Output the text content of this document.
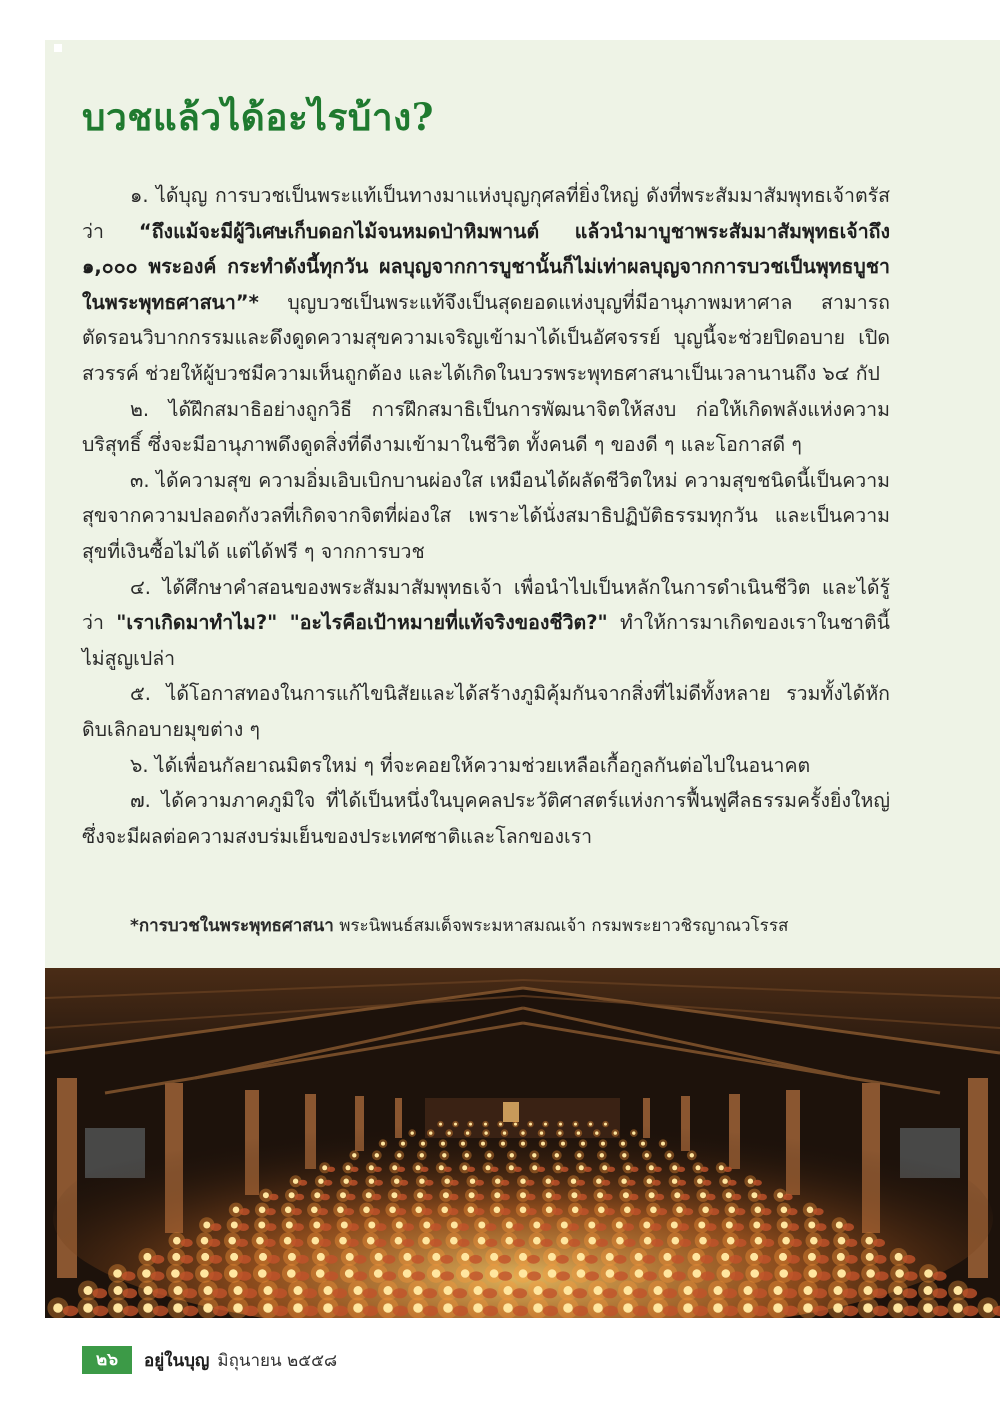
บวชแล้วได้อะไรบ้าง?

๑. ได้บุญ การบวชเป็นพระแท้เป็นทางมาแห่งบุญกุศลที่ยิ่งใหญ่ ดังที่พระสัมมาสัมพุทธเจ้าตรัสว่า “ถึงแม้จะมีผู้วิเศษเก็บดอกไม้จนหมดป่าหิมพานต์ แล้วนำมาบูชาพระสัมมาสัมพุทธเจ้าถึง ๑,๐๐๐ พระองค์ กระทำดังนี้ทุกวัน ผลบุญจากการบูชานั้นก็ไม่เท่าผลบุญจากการบวชเป็นพุทธบูชาในพระพุทธศาสนา”* บุญบวชเป็นพระแท้จึงเป็นสุดยอดแห่งบุญที่มีอานุภาพมหาศาล สามารถตัดรอนวิบากกรรมและดึงดูดความสุขความเจริญเข้ามาได้เป็นอัศจรรย์ บุญนี้จะช่วยปิดอบาย เปิดสวรรค์ ช่วยให้ผู้บวชมีความเห็นถูกต้อง และได้เกิดในบวรพระพุทธศาสนาเป็นเวลานานถึง ๖๔ กัป

๒. ได้ฝึกสมาธิอย่างถูกวิธี การฝึกสมาธิเป็นการพัฒนาจิตให้สงบ ก่อให้เกิดพลังแห่งความบริสุทธิ์ ซึ่งจะมีอานุภาพดึงดูดสิ่งที่ดีงามเข้ามาในชีวิต ทั้งคนดี ๆ ของดี ๆ และโอกาสดี ๆ

๓. ได้ความสุข ความอิ่มเอิบเบิกบานผ่องใส เหมือนได้ผลัดชีวิตใหม่ ความสุขชนิดนี้เป็นความสุขจากความปลอดกังวลที่เกิดจากจิตที่ผ่องใส เพราะได้นั่งสมาธิปฏิบัติธรรมทุกวัน และเป็นความสุขที่เงินซื้อไม่ได้ แต่ได้ฟรี ๆ จากการบวช

๔. ได้ศึกษาคำสอนของพระสัมมาสัมพุทธเจ้า เพื่อนำไปเป็นหลักในการดำเนินชีวิต และได้รู้ว่า "เราเกิดมาทำไม?" "อะไรคือเป้าหมายที่แท้จริงของชีวิต?" ทำให้การมาเกิดของเราในชาตินี้ไม่สูญเปล่า

๕. ได้โอกาสทองในการแก้ไขนิสัยและได้สร้างภูมิคุ้มกันจากสิ่งที่ไม่ดีทั้งหลาย รวมทั้งได้หักดิบเลิกอบายมุขต่าง ๆ

๖. ได้เพื่อนกัลยาณมิตรใหม่ ๆ ที่จะคอยให้ความช่วยเหลือเกื้อกูลกันต่อไปในอนาคต

๗. ได้ความภาคภูมิใจ ที่ได้เป็นหนึ่งในบุคคลประวัติศาสตร์แห่งการฟื้นฟูศีลธรรมครั้งยิ่งใหญ่ ซึ่งจะมีผลต่อความสงบร่มเย็นของประเทศชาติและโลกของเรา

*การบวชในพระพุทธศาสนา พระนิพนธ์สมเด็จพระมหาสมณเจ้า กรมพระยาวชิรญาณวโรรส
๒๖	อยู่ในบุญ มิถุนายน ๒๕๕๘
